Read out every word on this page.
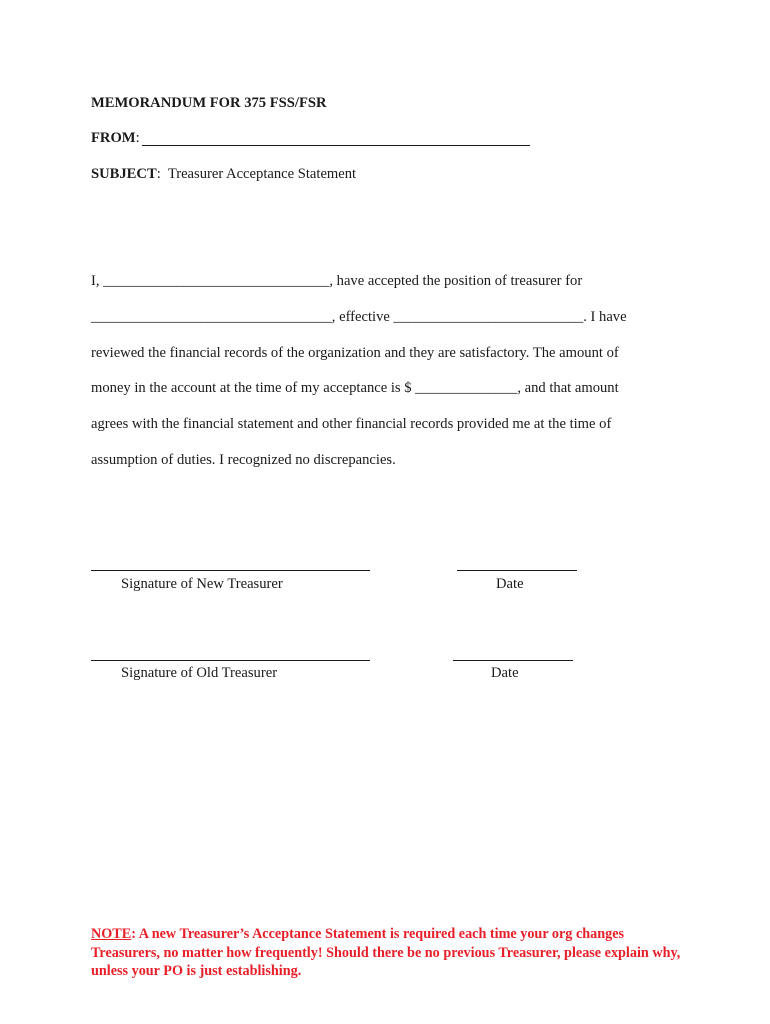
MEMORANDUM FOR 375 FSS/FSR
FROM:
SUBJECT: Treasurer Acceptance Statement
I, _______________________________, have accepted the position of treasurer for
_________________________________, effective __________________________. I have
reviewed the financial records of the organization and they are satisfactory. The amount of
money in the account at the time of my acceptance is $ ______________, and that amount
agrees with the financial statement and other financial records provided me at the time of
assumption of duties. I recognized no discrepancies.
Signature of New Treasurer	Date
Signature of Old Treasurer	Date
NOTE: A new Treasurer’s Acceptance Statement is required each time your org changes Treasurers, no matter how frequently! Should there be no previous Treasurer, please explain why, unless your PO is just establishing.
